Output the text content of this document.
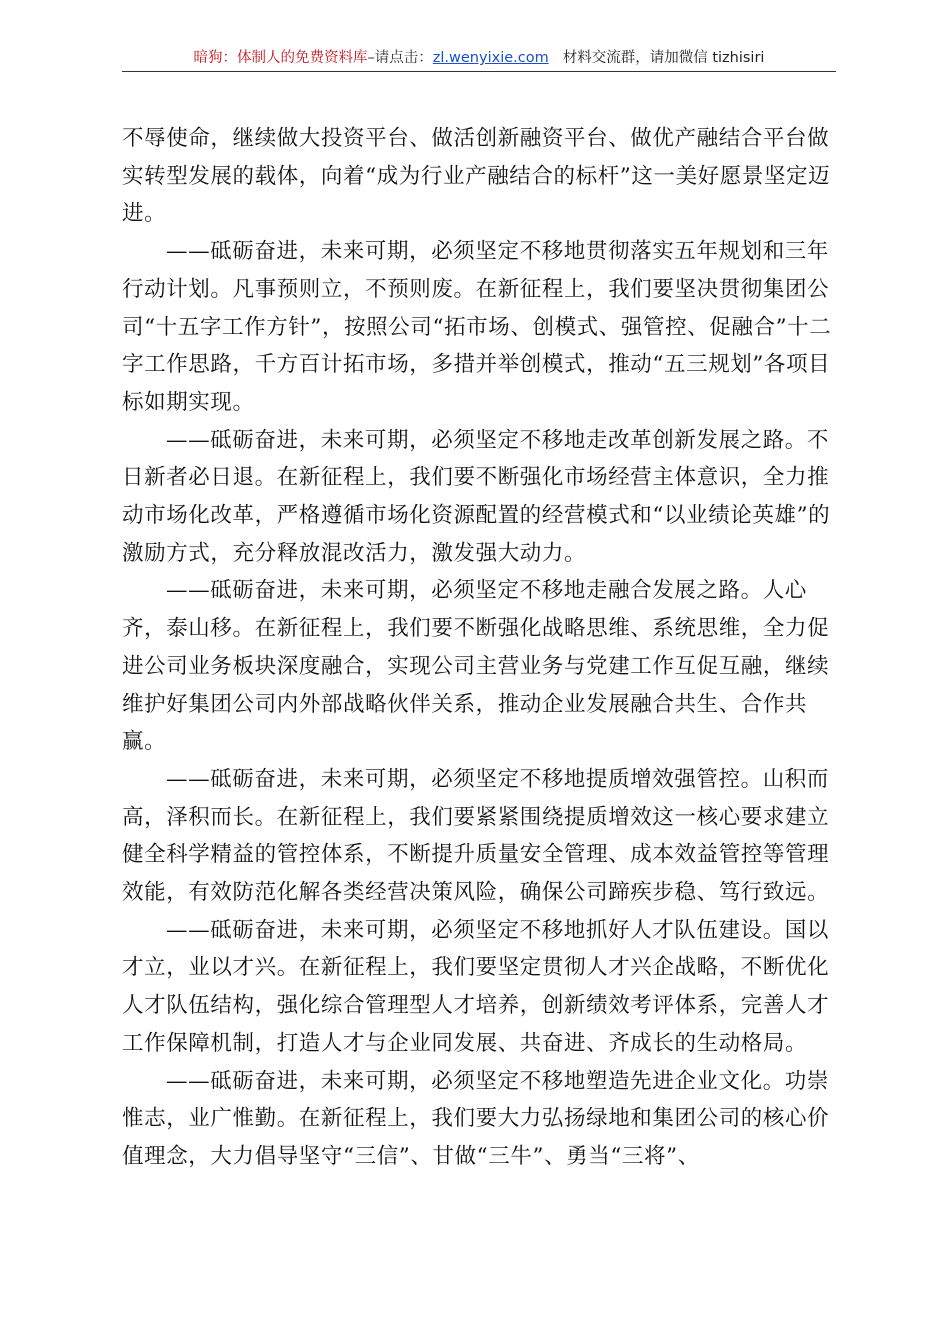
暗狗：体制人的免费资料库–请点击：zl.wenyixie.com 材料交流群，请加微信 tizhisiri

不辱使命，继续做大投资平台、做活创新融资平台、做优产融结合平台做实转型发展的载体，向着“成为行业产融结合的标杆”这一美好愿景坚定迈进。

——砥砺奋进，未来可期，必须坚定不移地贯彻落实五年规划和三年行动计划。凡事预则立，不预则废。在新征程上，我们要坚决贯彻集团公司“十五字工作方针”，按照公司“拓市场、创模式、强管控、促融合”十二字工作思路，千方百计拓市场，多措并举创模式，推动“五三规划”各项目标如期实现。

——砥砺奋进，未来可期，必须坚定不移地走改革创新发展之路。不日新者必日退。在新征程上，我们要不断强化市场经营主体意识，全力推动市场化改革，严格遵循市场化资源配置的经营模式和“以业绩论英雄”的激励方式，充分释放混改活力，激发强大动力。

——砥砺奋进，未来可期，必须坚定不移地走融合发展之路。人心齐，泰山移。在新征程上，我们要不断强化战略思维、系统思维，全力促进公司业务板块深度融合，实现公司主营业务与党建工作互促互融，继续维护好集团公司内外部战略伙伴关系，推动企业发展融合共生、合作共赢。

——砥砺奋进，未来可期，必须坚定不移地提质增效强管控。山积而高，泽积而长。在新征程上，我们要紧紧围绕提质增效这一核心要求建立健全科学精益的管控体系，不断提升质量安全管理、成本效益管控等管理效能，有效防范化解各类经营决策风险，确保公司蹄疾步稳、笃行致远。

——砥砺奋进，未来可期，必须坚定不移地抓好人才队伍建设。国以才立，业以才兴。在新征程上，我们要坚定贯彻人才兴企战略，不断优化人才队伍结构，强化综合管理型人才培养，创新绩效考评体系，完善人才工作保障机制，打造人才与企业同发展、共奋进、齐成长的生动格局。

——砥砺奋进，未来可期，必须坚定不移地塑造先进企业文化。功崇惟志，业广惟勤。在新征程上，我们要大力弘扬绿地和集团公司的核心价值理念，大力倡导坚守“三信”、甘做“三牛”、勇当“三将”、
